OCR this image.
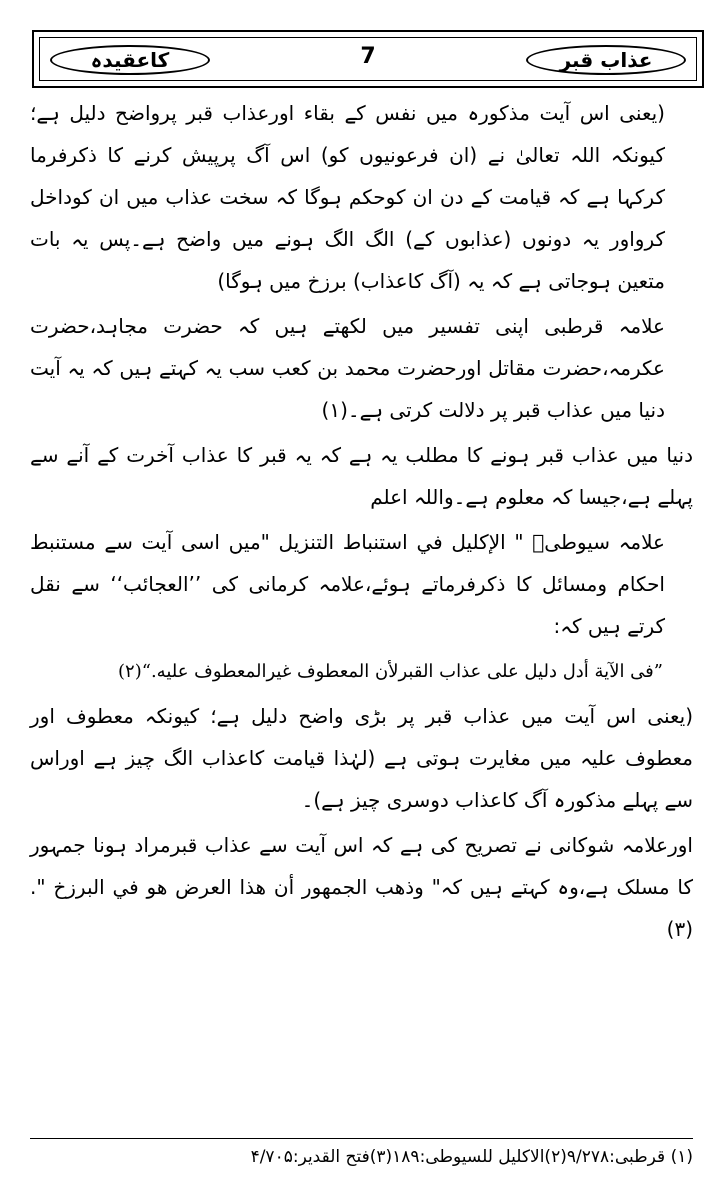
کاعقیدہ	7	عذاب قبر

(یعنی اس آیت مذکورہ میں نفس کے بقاء اورعذاب قبر پرواضح دلیل ہے؛ کیونکہ اللہ تعالیٰ نے (ان فرعونیوں کو) اس آگ پرپیش کرنے کا ذکرفرما کرکہا ہے کہ قیامت کے دن ان کوحکم ہوگا کہ سخت عذاب میں ان کوداخل کرواور یہ دونوں (عذابوں کے) الگ الگ ہونے میں واضح ہے۔پس یہ بات متعین ہوجاتی ہے کہ یہ (آگ کاعذاب) برزخ میں ہوگا)

علامہ قرطبی اپنی تفسیر میں لکھتے ہیں کہ حضرت مجاہد،حضرت عکرمہ،حضرت مقاتل اورحضرت محمد بن کعب سب یہ کہتے ہیں کہ یہ آیت دنیا میں عذاب قبر پر دلالت کرتی ہے۔(۱)

دنیا میں عذاب قبر ہونے کا مطلب یہ ہے کہ یہ قبر کا عذاب آخرت کے آنے سے پہلے ہے،جیسا کہ معلوم ہے۔واللہ اعلم

علامہ سیوطیؒ " الإكليل في استنباط التنزيل "میں اسی آیت سے مستنبط احکام ومسائل کا ذکرفرماتے ہوئے،علامہ کرمانی کی ’’العجائب‘‘ سے نقل کرتے ہیں کہ:

”فی الآیة أدل دلیل علی عذاب القبرلأن المعطوف غیرالمعطوف علیه.“(۲)

(یعنی اس آیت میں عذاب قبر پر بڑی واضح دلیل ہے؛ کیونکہ معطوف اور معطوف علیہ میں مغایرت ہوتی ہے (لہٰذا قیامت کاعذاب الگ چیز ہے اوراس سے پہلے مذکورہ آگ کاعذاب دوسری چیز ہے)۔

اورعلامہ شوکانی نے تصریح کی ہے کہ اس آیت سے عذاب قبرمراد ہونا جمہور کا مسلک ہے،وہ کہتے ہیں کہ" وذهب الجمهور أن هذا العرض هو في البرزخ ".(۳)

(۱) قرطبی:۹/۲۷۸(۲)الاکلیل للسیوطی:۱۸۹(۳)فتح القدیر:۴/۷۰۵
